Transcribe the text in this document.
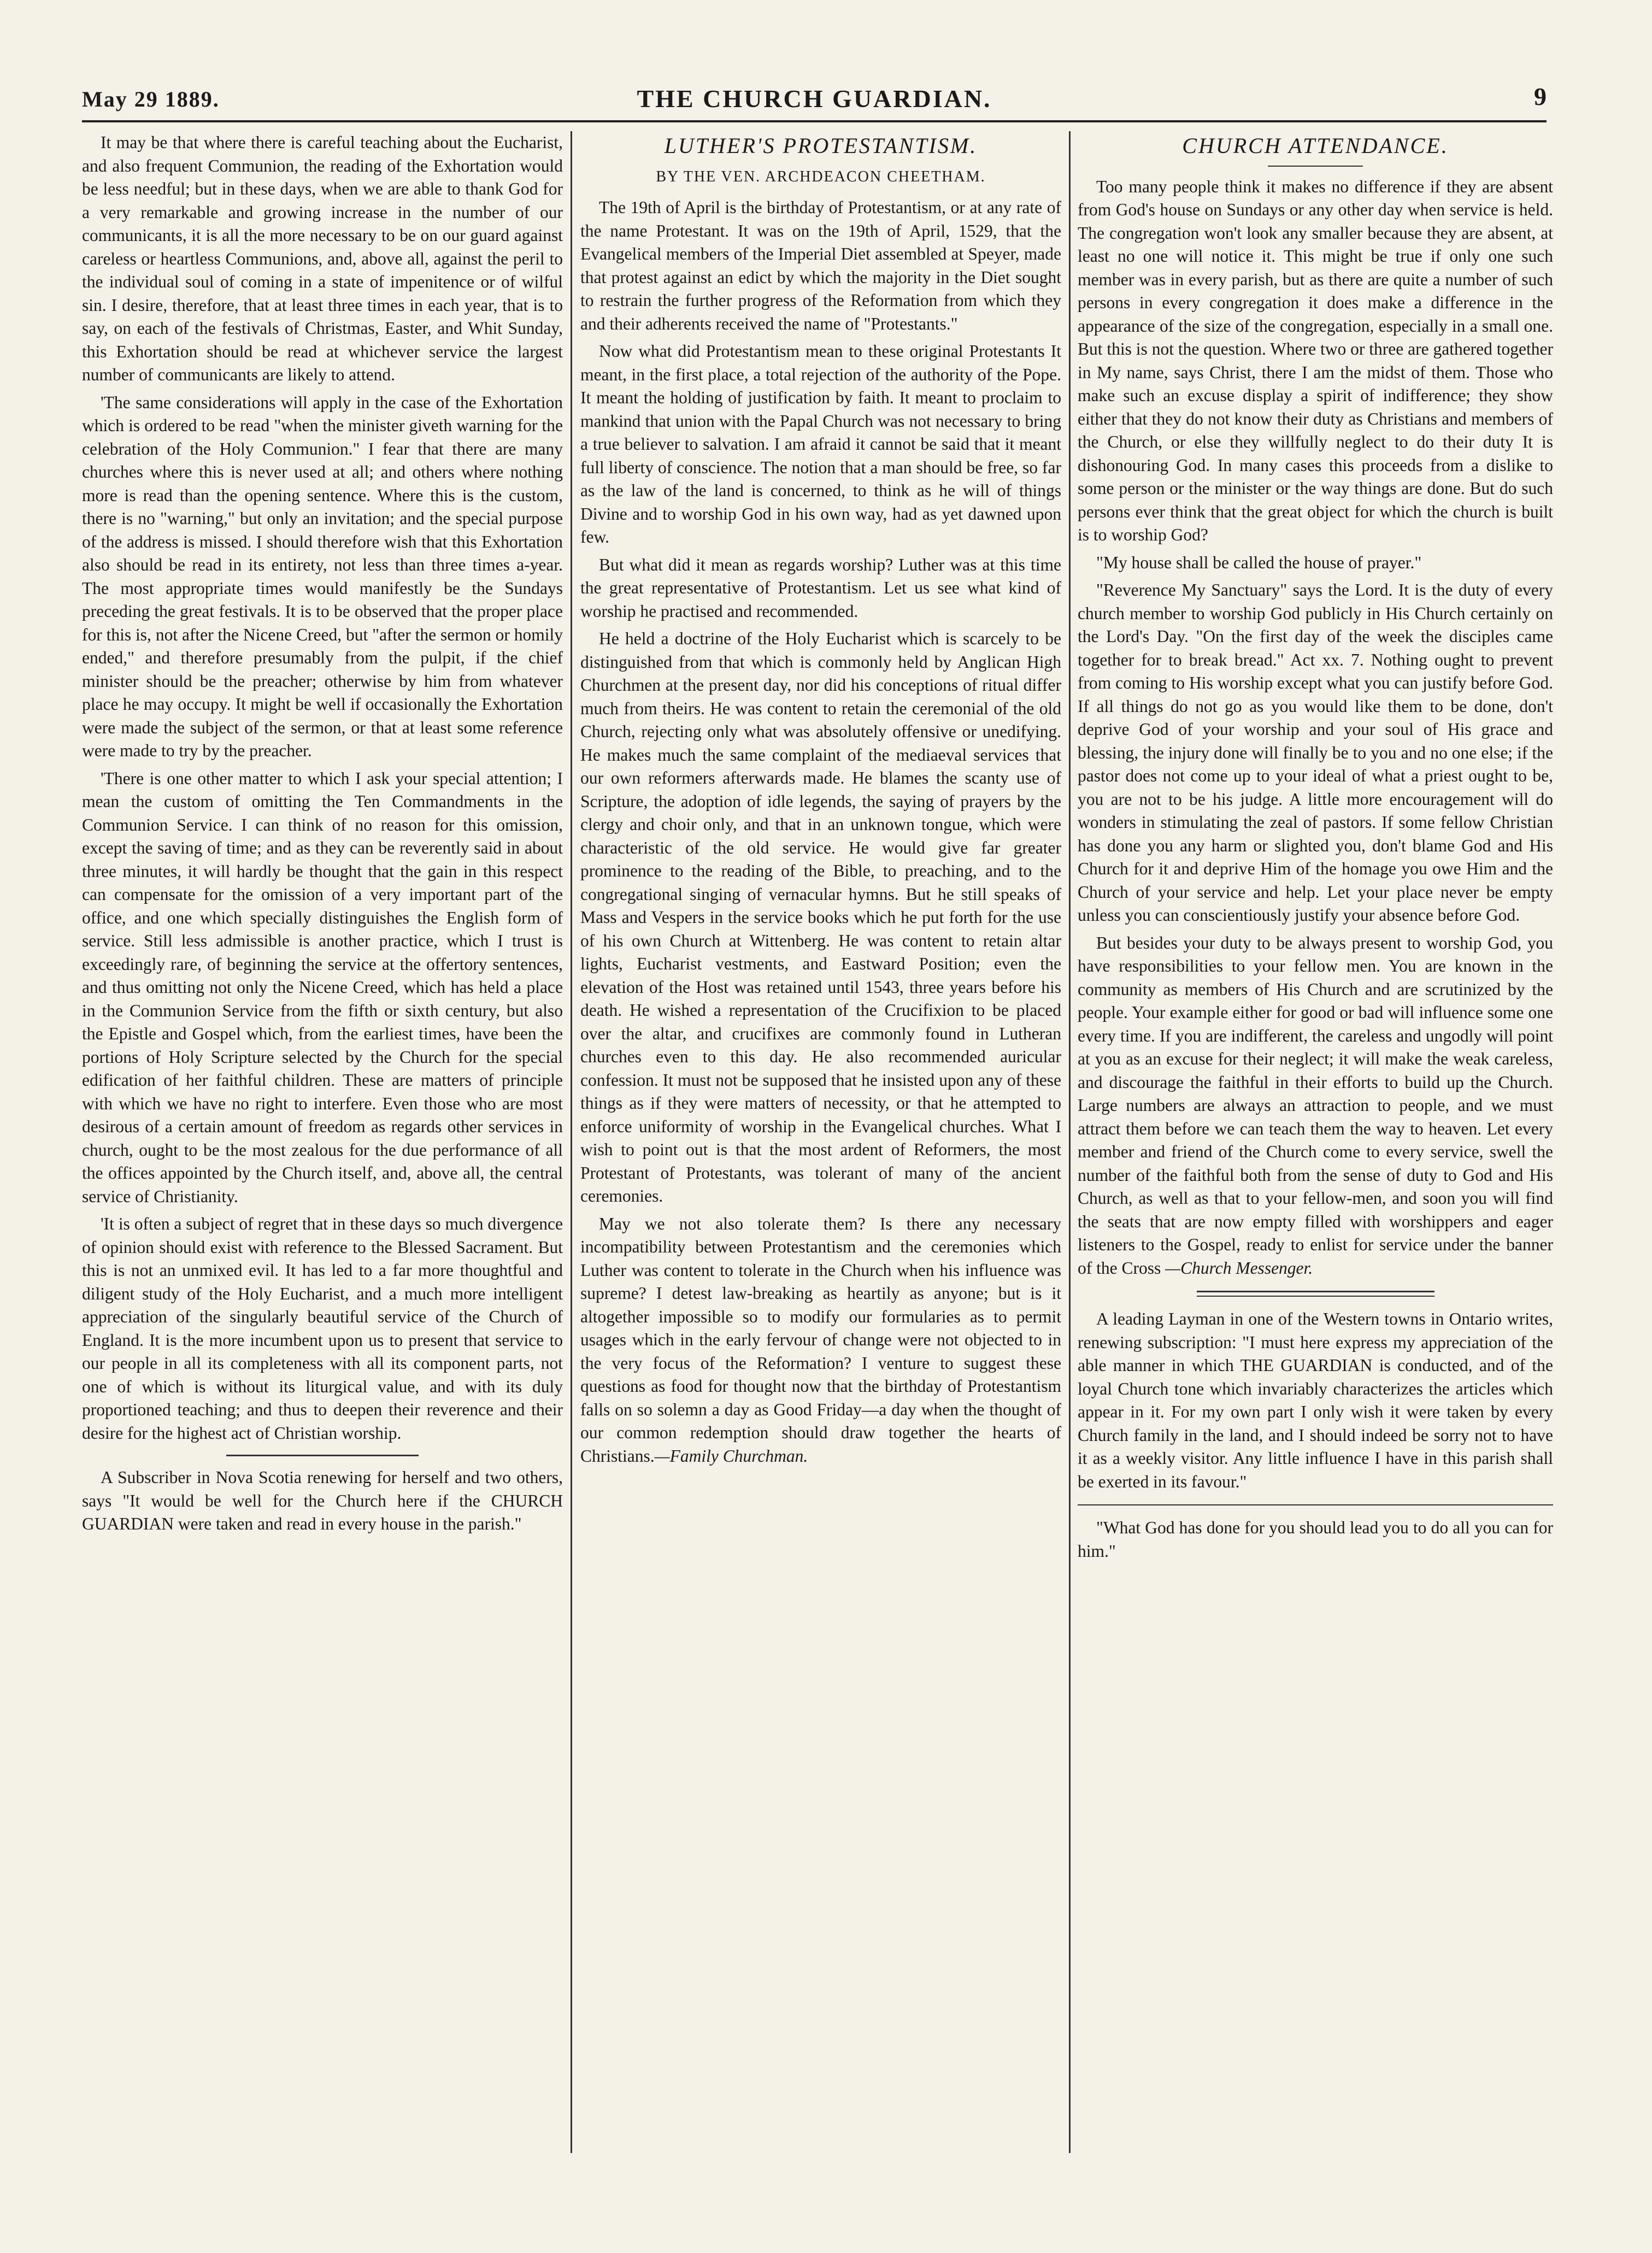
May 29 1889.	THE CHURCH GUARDIAN.	9

It may be that where there is careful teaching about the Eucharist, and also frequent Communion, the reading of the Exhortation would be less needful; but in these days, when we are able to thank God for a very remarkable and growing increase in the number of our communicants, it is all the more necessary to be on our guard against careless or heartless Communions, and, above all, against the peril to the individual soul of coming in a state of impenitence or of wilful sin. I desire, therefore, that at least three times in each year, that is to say, on each of the festivals of Christmas, Easter, and Whit Sunday, this Exhortation should be read at whichever service the largest number of communicants are likely to attend.

'The same considerations will apply in the case of the Exhortation which is ordered to be read "when the minister giveth warning for the celebration of the Holy Communion." I fear that there are many churches where this is never used at all; and others where nothing more is read than the opening sentence. Where this is the custom, there is no "warning," but only an invitation; and the special purpose of the address is missed. I should therefore wish that this Exhortation also should be read in its entirety, not less than three times a-year. The most appropriate times would manifestly be the Sundays preceding the great festivals. It is to be observed that the proper place for this is, not after the Nicene Creed, but "after the sermon or homily ended," and therefore presumably from the pulpit, if the chief minister should be the preacher; otherwise by him from whatever place he may occupy. It might be well if occasionally the Exhortation were made the subject of the sermon, or that at least some reference were made to try by the preacher.

'There is one other matter to which I ask your special attention; I mean the custom of omitting the Ten Commandments in the Communion Service. I can think of no reason for this omission, except the saving of time; and as they can be reverently said in about three minutes, it will hardly be thought that the gain in this respect can compensate for the omission of a very important part of the office, and one which specially distinguishes the English form of service. Still less admissible is another practice, which I trust is exceedingly rare, of beginning the service at the offertory sentences, and thus omitting not only the Nicene Creed, which has held a place in the Communion Service from the fifth or sixth century, but also the Epistle and Gospel which, from the earliest times, have been the portions of Holy Scripture selected by the Church for the special edification of her faithful children. These are matters of principle with which we have no right to interfere. Even those who are most desirous of a certain amount of freedom as regards other services in church, ought to be the most zealous for the due performance of all the offices appointed by the Church itself, and, above all, the central service of Christianity.

'It is often a subject of regret that in these days so much divergence of opinion should exist with reference to the Blessed Sacrament. But this is not an unmixed evil. It has led to a far more thoughtful and diligent study of the Holy Eucharist, and a much more intelligent appreciation of the singularly beautiful service of the Church of England. It is the more incumbent upon us to present that service to our people in all its completeness with all its component parts, not one of which is without its liturgical value, and with its duly proportioned teaching; and thus to deepen their reverence and their desire for the highest act of Christian worship.

A Subscriber in Nova Scotia renewing for herself and two others, says "It would be well for the Church here if the CHURCH GUARDIAN were taken and read in every house in the parish."

LUTHER'S PROTESTANTISM.
BY THE VEN. ARCHDEACON CHEETHAM.

The 19th of April is the birthday of Protestantism, or at any rate of the name Protestant. It was on the 19th of April, 1529, that the Evangelical members of the Imperial Diet assembled at Speyer, made that protest against an edict by which the majority in the Diet sought to restrain the further progress of the Reformation from which they and their adherents received the name of "Protestants."

Now what did Protestantism mean to these original Protestants It meant, in the first place, a total rejection of the authority of the Pope. It meant the holding of justification by faith. It meant to proclaim to mankind that union with the Papal Church was not necessary to bring a true believer to salvation. I am afraid it cannot be said that it meant full liberty of conscience. The notion that a man should be free, so far as the law of the land is concerned, to think as he will of things Divine and to worship God in his own way, had as yet dawned upon few.

But what did it mean as regards worship? Luther was at this time the great representative of Protestantism. Let us see what kind of worship he practised and recommended.

He held a doctrine of the Holy Eucharist which is scarcely to be distinguished from that which is commonly held by Anglican High Churchmen at the present day, nor did his conceptions of ritual differ much from theirs. He was content to retain the ceremonial of the old Church, rejecting only what was absolutely offensive or unedifying. He makes much the same complaint of the mediaeval services that our own reformers afterwards made. He blames the scanty use of Scripture, the adoption of idle legends, the saying of prayers by the clergy and choir only, and that in an unknown tongue, which were characteristic of the old service. He would give far greater prominence to the reading of the Bible, to preaching, and to the congregational singing of vernacular hymns. But he still speaks of Mass and Vespers in the service books which he put forth for the use of his own Church at Wittenberg. He was content to retain altar lights, Eucharist vestments, and Eastward Position; even the elevation of the Host was retained until 1543, three years before his death. He wished a representation of the Crucifixion to be placed over the altar, and crucifixes are commonly found in Lutheran churches even to this day. He also recommended auricular confession. It must not be supposed that he insisted upon any of these things as if they were matters of necessity, or that he attempted to enforce uniformity of worship in the Evangelical churches. What I wish to point out is that the most ardent of Reformers, the most Protestant of Protestants, was tolerant of many of the ancient ceremonies.

May we not also tolerate them? Is there any necessary incompatibility between Protestantism and the ceremonies which Luther was content to tolerate in the Church when his influence was supreme? I detest law-breaking as heartily as anyone; but is it altogether impossible so to modify our formularies as to permit usages which in the early fervour of change were not objected to in the very focus of the Reformation? I venture to suggest these questions as food for thought now that the birthday of Protestantism falls on so solemn a day as Good Friday—a day when the thought of our common redemption should draw together the hearts of Christians.—Family Churchman.

CHURCH ATTENDANCE.

Too many people think it makes no difference if they are absent from God's house on Sundays or any other day when service is held. The congregation won't look any smaller because they are absent, at least no one will notice it. This might be true if only one such member was in every parish, but as there are quite a number of such persons in every congregation it does make a difference in the appearance of the size of the congregation, especially in a small one. But this is not the question. Where two or three are gathered together in My name, says Christ, there I am the midst of them. Those who make such an excuse display a spirit of indifference; they show either that they do not know their duty as Christians and members of the Church, or else they willfully neglect to do their duty It is dishonouring God. In many cases this proceeds from a dislike to some person or the minister or the way things are done. But do such persons ever think that the great object for which the church is built is to worship God?

"My house shall be called the house of prayer."

"Reverence My Sanctuary" says the Lord. It is the duty of every church member to worship God publicly in His Church certainly on the Lord's Day. "On the first day of the week the disciples came together for to break bread." Act xx. 7. Nothing ought to prevent from coming to His worship except what you can justify before God. If all things do not go as you would like them to be done, don't deprive God of your worship and your soul of His grace and blessing, the injury done will finally be to you and no one else; if the pastor does not come up to your ideal of what a priest ought to be, you are not to be his judge. A little more encouragement will do wonders in stimulating the zeal of pastors. If some fellow Christian has done you any harm or slighted you, don't blame God and His Church for it and deprive Him of the homage you owe Him and the Church of your service and help. Let your place never be empty unless you can conscientiously justify your absence before God.

But besides your duty to be always present to worship God, you have responsibilities to your fellow men. You are known in the community as members of His Church and are scrutinized by the people. Your example either for good or bad will influence some one every time. If you are indifferent, the careless and ungodly will point at you as an excuse for their neglect; it will make the weak careless, and discourage the faithful in their efforts to build up the Church. Large numbers are always an attraction to people, and we must attract them before we can teach them the way to heaven. Let every member and friend of the Church come to every service, swell the number of the faithful both from the sense of duty to God and His Church, as well as that to your fellow-men, and soon you will find the seats that are now empty filled with worshippers and eager listeners to the Gospel, ready to enlist for service under the banner of the Cross —Church Messenger.

A leading Layman in one of the Western towns in Ontario writes, renewing subscription: "I must here express my appreciation of the able manner in which THE GUARDIAN is conducted, and of the loyal Church tone which invariably characterizes the articles which appear in it. For my own part I only wish it were taken by every Church family in the land, and I should indeed be sorry not to have it as a weekly visitor. Any little influence I have in this parish shall be exerted in its favour."

"What God has done for you should lead you to do all you can for him."
